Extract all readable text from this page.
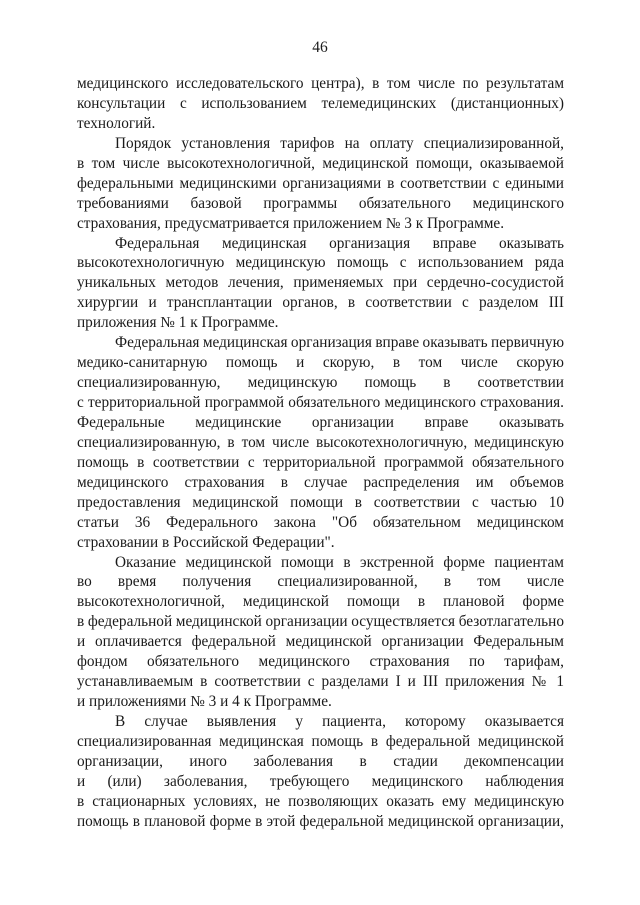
46
медицинского исследовательского центра), в том числе по результатам
консультации с использованием телемедицинских (дистанционных)
технологий.
Порядок установления тарифов на оплату специализированной,
в том числе высокотехнологичной, медицинской помощи, оказываемой
федеральными медицинскими организациями в соответствии с едиными
требованиями базовой программы обязательного медицинского
страхования, предусматривается приложением № 3 к Программе.
Федеральная медицинская организация вправе оказывать
высокотехнологичную медицинскую помощь с использованием ряда
уникальных методов лечения, применяемых при сердечно-сосудистой
хирургии и трансплантации органов, в соответствии с разделом III
приложения № 1 к Программе.
Федеральная медицинская организация вправе оказывать первичную
медико-санитарную помощь и скорую, в том числе скорую
специализированную, медицинскую помощь в соответствии
с территориальной программой обязательного медицинского страхования.
Федеральные медицинские организации вправе оказывать
специализированную, в том числе высокотехнологичную, медицинскую
помощь в соответствии с территориальной программой обязательного
медицинского страхования в случае распределения им объемов
предоставления медицинской помощи в соответствии с частью 10
статьи 36 Федерального закона "Об обязательном медицинском
страховании в Российской Федерации".
Оказание медицинской помощи в экстренной форме пациентам
во время получения специализированной, в том числе
высокотехнологичной, медицинской помощи в плановой форме
в федеральной медицинской организации осуществляется безотлагательно
и оплачивается федеральной медицинской организации Федеральным
фондом обязательного медицинского страхования по тарифам,
устанавливаемым в соответствии с разделами I и III приложения № 1
и приложениями № 3 и 4 к Программе.
В случае выявления у пациента, которому оказывается
специализированная медицинская помощь в федеральной медицинской
организации, иного заболевания в стадии декомпенсации
и (или) заболевания, требующего медицинского наблюдения
в стационарных условиях, не позволяющих оказать ему медицинскую
помощь в плановой форме в этой федеральной медицинской организации,
